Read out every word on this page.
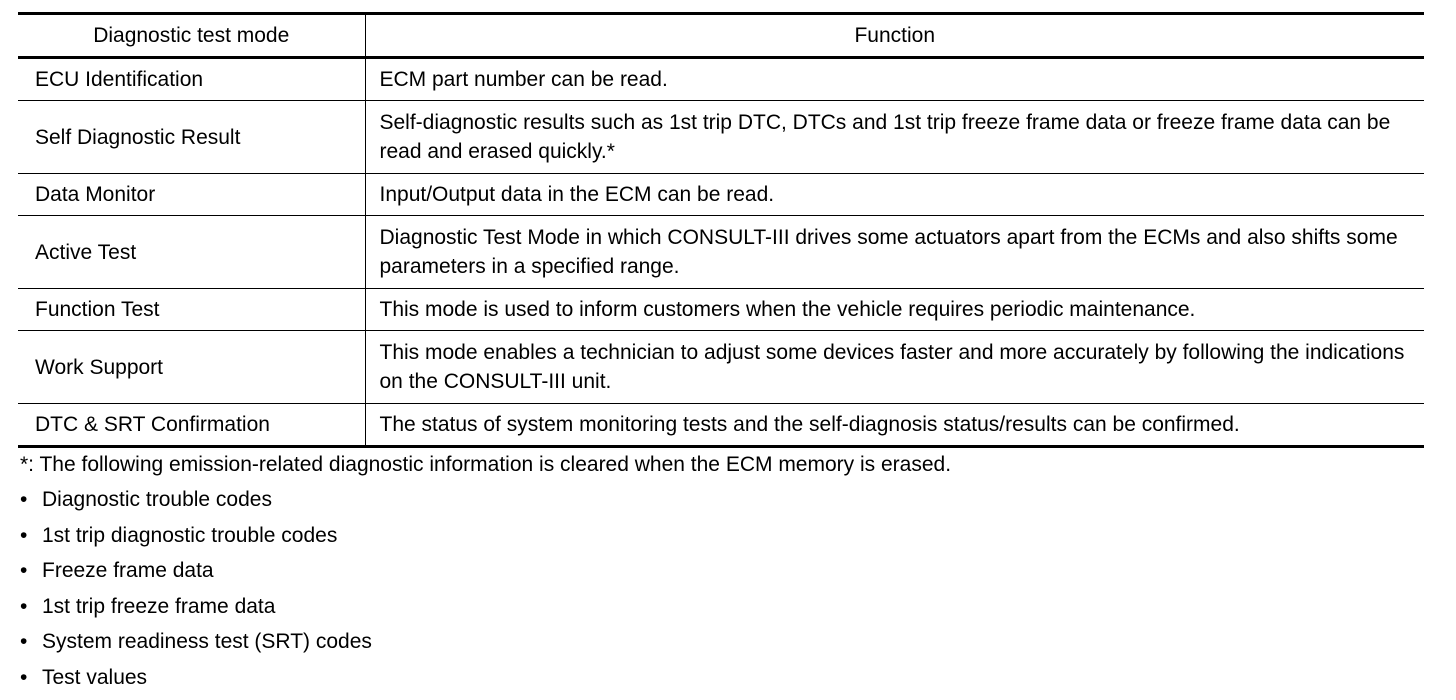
Diagnostic test mode	Function
ECU Identification	ECM part number can be read.
Self Diagnostic Result	Self-diagnostic results such as 1st trip DTC, DTCs and 1st trip freeze frame data or freeze frame data can be read and erased quickly.*
Data Monitor	Input/Output data in the ECM can be read.
Active Test	Diagnostic Test Mode in which CONSULT-III drives some actuators apart from the ECMs and also shifts some parameters in a specified range.
Function Test	This mode is used to inform customers when the vehicle requires periodic maintenance.
Work Support	This mode enables a technician to adjust some devices faster and more accurately by following the indications on the CONSULT-III unit.
DTC & SRT Confirmation	The status of system monitoring tests and the self-diagnosis status/results can be confirmed.
*: The following emission-related diagnostic information is cleared when the ECM memory is erased.
• Diagnostic trouble codes
• 1st trip diagnostic trouble codes
• Freeze frame data
• 1st trip freeze frame data
• System readiness test (SRT) codes
• Test values
